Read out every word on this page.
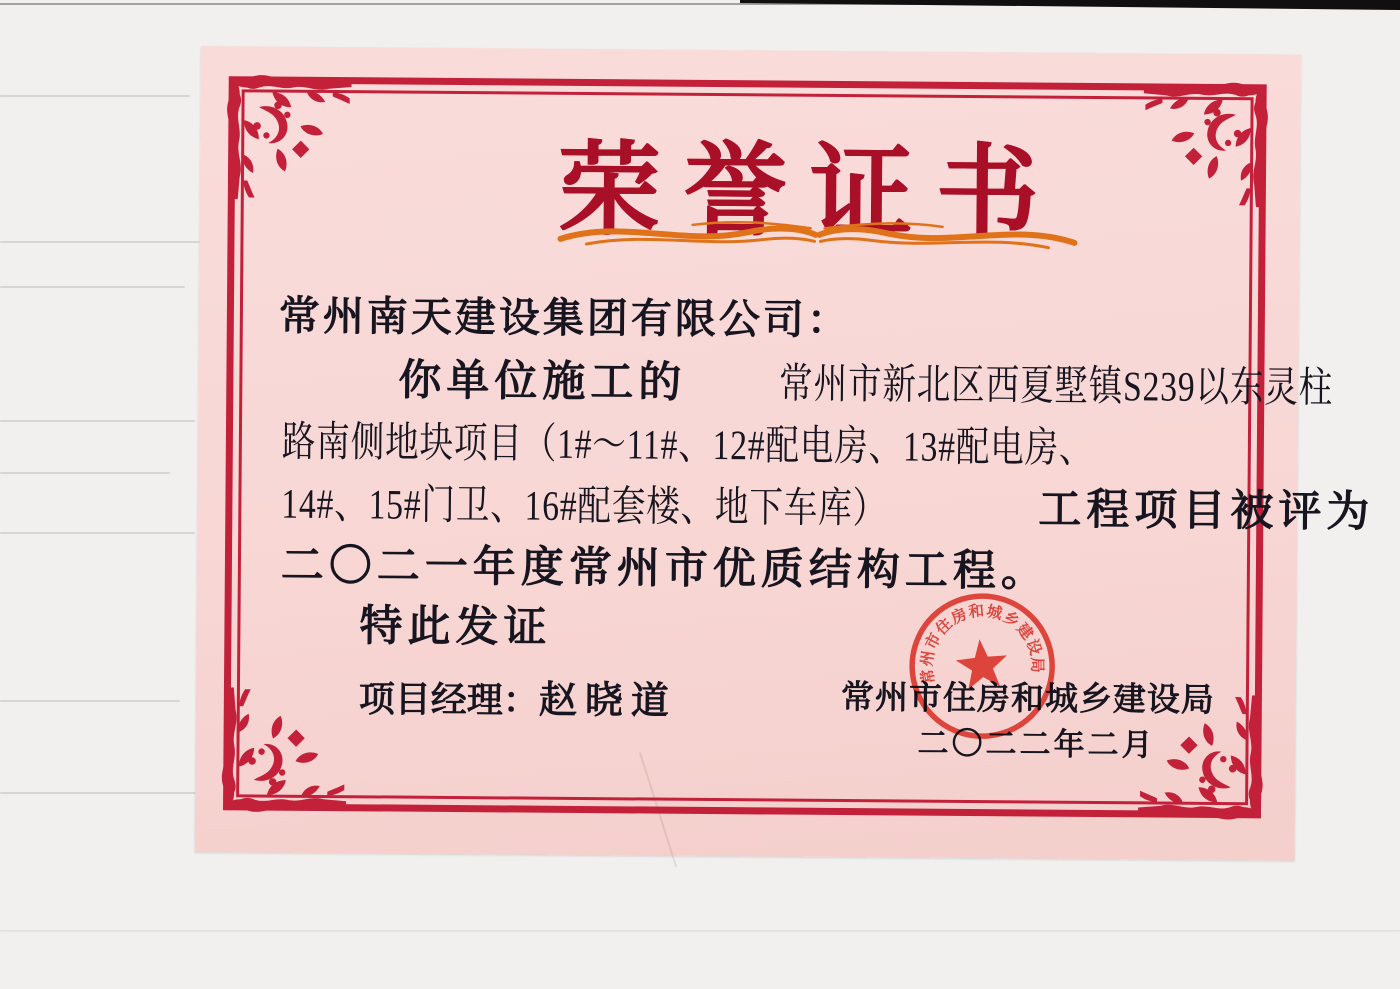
荣誉证书
常州南天建设集团有限公司：
你单位施工的 常州市新北区西夏墅镇S239以东灵柱
路南侧地块项目（1#～11#、12#配电房、13#配电房、
14#、15#门卫、16#配套楼、地下车库）	工程项目被评为
二〇二一年度常州市优质结构工程。
特此发证
项目经理：赵晓道	常州市住房和城乡建设局
二〇二二年二月
常州市住房和城乡建设局
